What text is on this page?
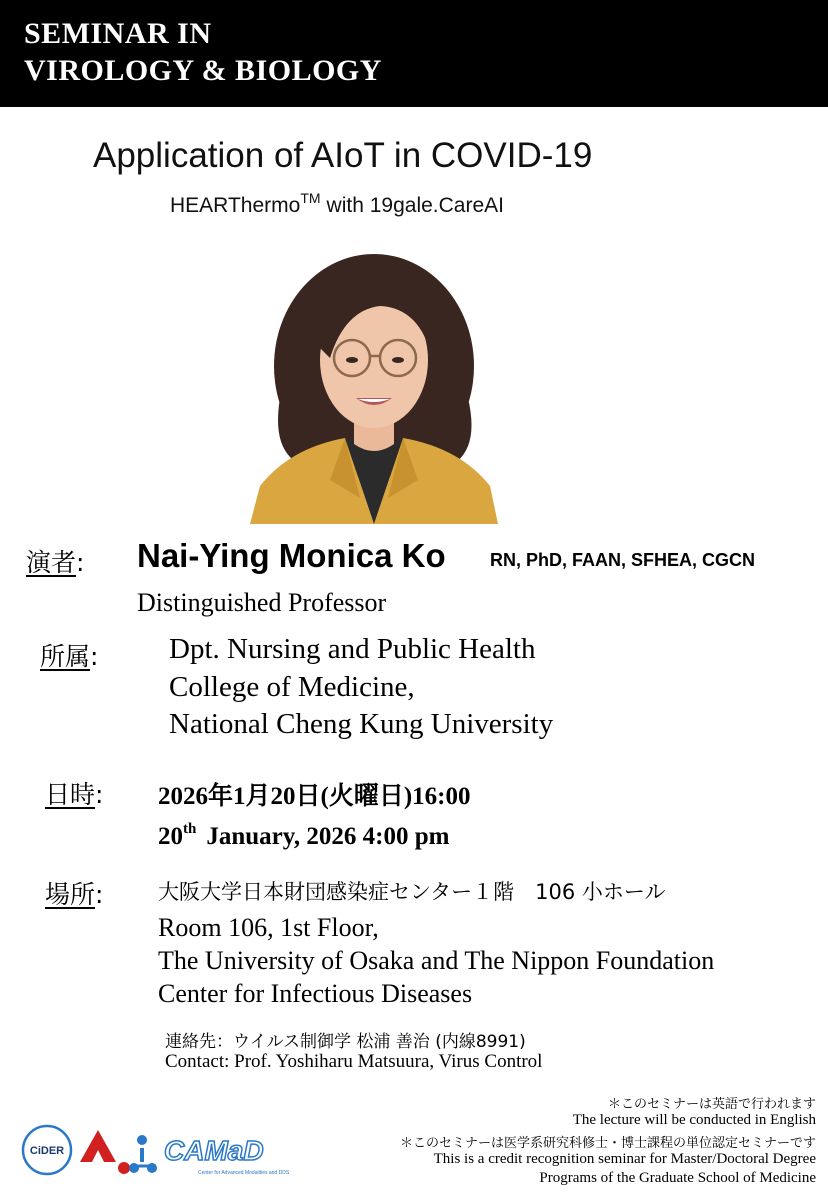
SEMINAR IN
VIROLOGY & BIOLOGY
Application of AIoT in COVID-19
HEARThermo™ with 19gale.CareAI
演者: Nai-Ying Monica Ko RN, PhD, FAAN, SFHEA, CGCN
Distinguished Professor
所属: Dpt. Nursing and Public Health
College of Medicine,
National Cheng Kung University
日時: 2026年1月20日(火曜日)16:00
20th January, 2026 4:00 pm
場所:	大阪大学日本財団感染症センター１階　106 小ホール
Room 106, 1st Floor,
The University of Osaka and The Nippon Foundation
Center for Infectious Diseases
連絡先：ウイルス制御学 松浦 善治 (内線8991)
Contact: Prof. Yoshiharu Matsuura, Virus Control
＊このセミナーは英語で行われます
The lecture will be conducted in English
＊このセミナーは医学系研究科修士・博士課程の単位認定セミナーです
This is a credit recognition seminar for Master/Doctoral Degree
Programs of the Graduate School of Medicine
CiDER	CAMaD
Center for Advanced Modalities and DDS
